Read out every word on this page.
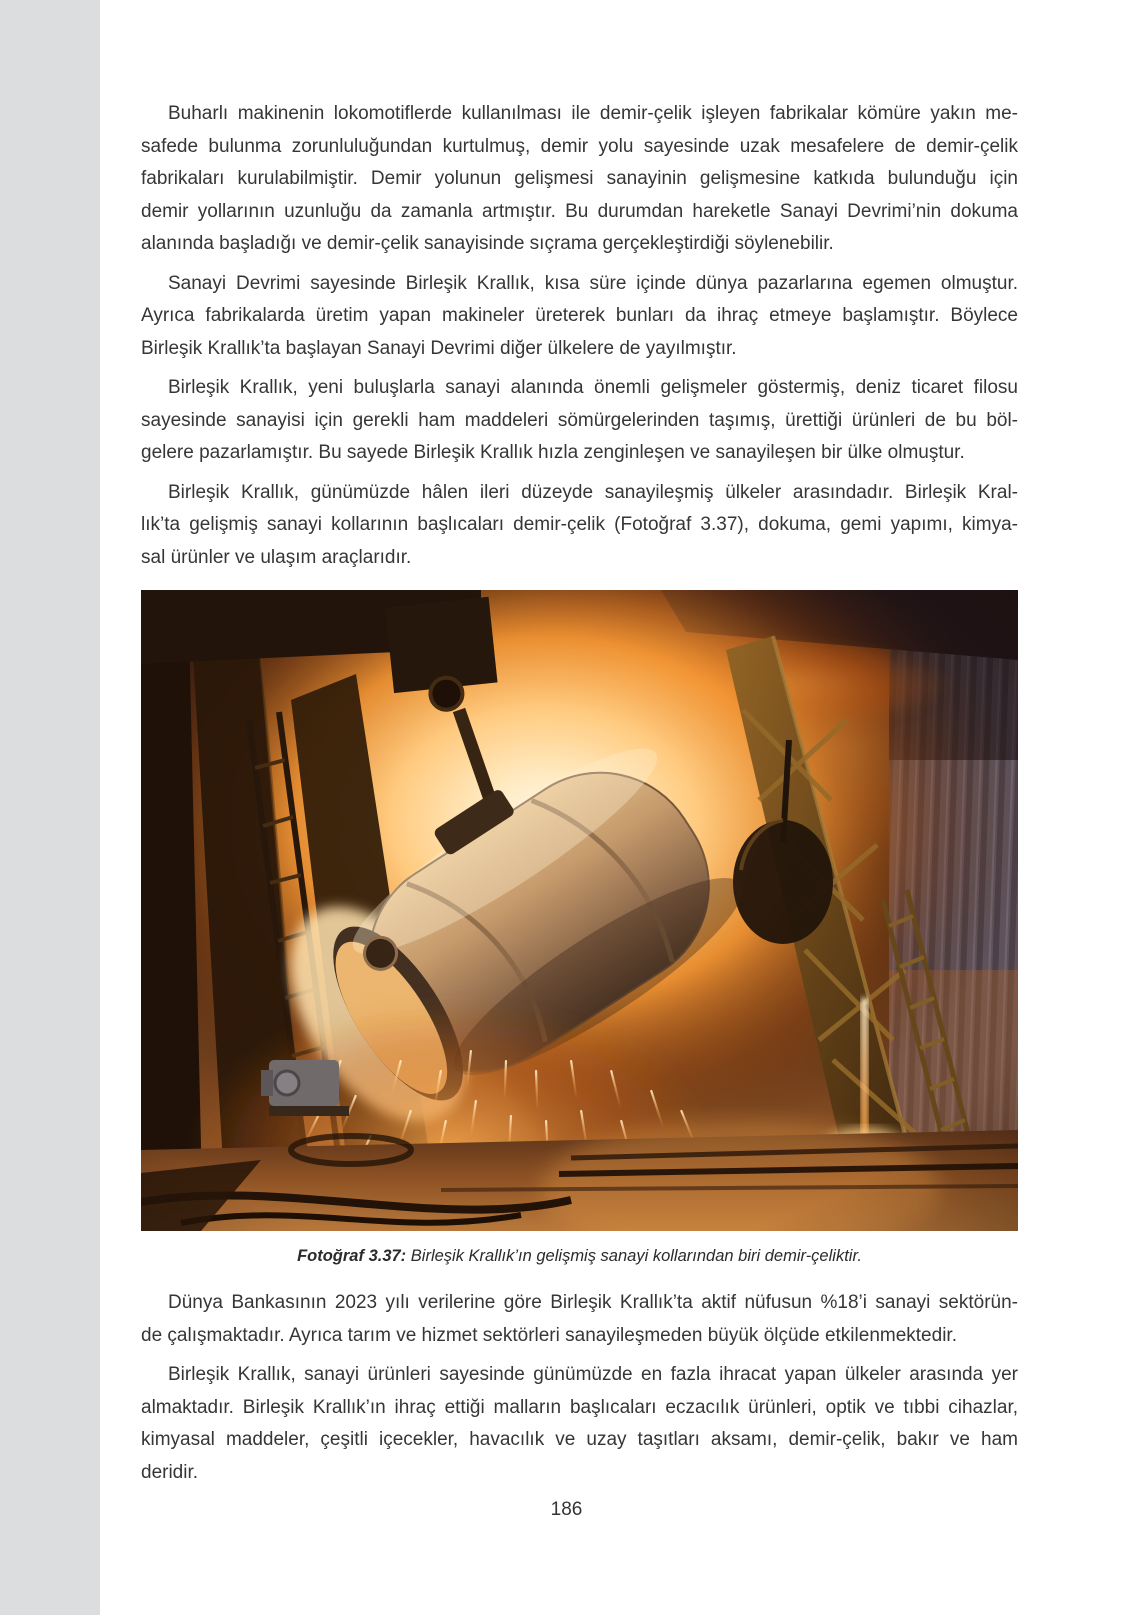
Buharlı makinenin lokomotiflerde kullanılması ile demir-çelik işleyen fabrikalar kömüre yakın me-
safede bulunma zorunluluğundan kurtulmuş, demir yolu sayesinde uzak mesafelere de demir-çelik
fabrikaları kurulabilmiştir. Demir yolunun gelişmesi sanayinin gelişmesine katkıda bulunduğu için
demir yollarının uzunluğu da zamanla artmıştır. Bu durumdan hareketle Sanayi Devrimi’nin dokuma
alanında başladığı ve demir-çelik sanayisinde sıçrama gerçekleştirdiği söylenebilir.

Sanayi Devrimi sayesinde Birleşik Krallık, kısa süre içinde dünya pazarlarına egemen olmuştur.
Ayrıca fabrikalarda üretim yapan makineler üreterek bunları da ihraç etmeye başlamıştır. Böylece
Birleşik Krallık’ta başlayan Sanayi Devrimi diğer ülkelere de yayılmıştır.

Birleşik Krallık, yeni buluşlarla sanayi alanında önemli gelişmeler göstermiş, deniz ticaret filosu
sayesinde sanayisi için gerekli ham maddeleri sömürgelerinden taşımış, ürettiği ürünleri de bu böl-
gelere pazarlamıştır. Bu sayede Birleşik Krallık hızla zenginleşen ve sanayileşen bir ülke olmuştur.

Birleşik Krallık, günümüzde hâlen ileri düzeyde sanayileşmiş ülkeler arasındadır. Birleşik Kral-
lık’ta gelişmiş sanayi kollarının başlıcaları demir-çelik (Fotoğraf 3.37), dokuma, gemi yapımı, kimya-
sal ürünler ve ulaşım araçlarıdır.

Fotoğraf 3.37: Birleşik Krallık’ın gelişmiş sanayi kollarından biri demir-çeliktir.

Dünya Bankasının 2023 yılı verilerine göre Birleşik Krallık’ta aktif nüfusun %18’i sanayi sektörün-
de çalışmaktadır. Ayrıca tarım ve hizmet sektörleri sanayileşmeden büyük ölçüde etkilenmektedir.

Birleşik Krallık, sanayi ürünleri sayesinde günümüzde en fazla ihracat yapan ülkeler arasında yer
almaktadır. Birleşik Krallık’ın ihraç ettiği malların başlıcaları eczacılık ürünleri, optik ve tıbbi cihazlar,
kimyasal maddeler, çeşitli içecekler, havacılık ve uzay taşıtları aksamı, demir-çelik, bakır ve ham
deridir.

186
